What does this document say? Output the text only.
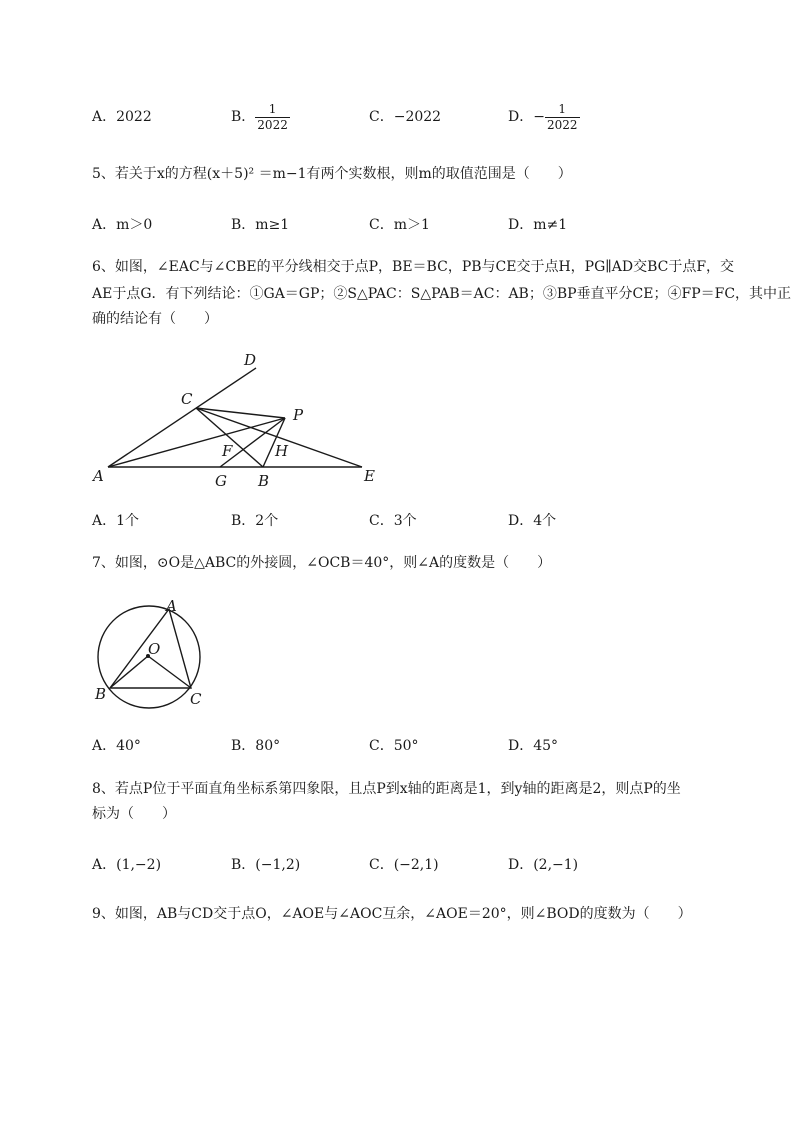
A．2022	B． $\frac{1}{2022}$	C．−2022	D．− $\frac{1}{2022}$
5、若关于x的方程(x＋5)² ＝m−1有两个实数根，则m的取值范围是（　　）
A．m＞0	B．m≥1	C．m＞1	D．m≠1
6、如图，∠EAC与∠CBE的平分线相交于点P，BE＝BC，PB与CE交于点H，PG∥AD交BC于点F，交
AE于点G．有下列结论：①GA＝GP；②S△PAC：S△PAB＝AC：AB；③BP垂直平分CE；④FP＝FC，其中正
确的结论有（　　）
D
C
P
F	H
A	G B	E
A．1个	B．2个	C．3个	D．4个
7、如图，⊙O是△ABC的外接圆，∠OCB＝40°，则∠A的度数是（　　）
A
O
B	C
A．40°	B．80°	C．50°	D．45°
8、若点P位于平面直角坐标系第四象限，且点P到x轴的距离是1，到y轴的距离是2，则点P的坐
标为（　　）
A．(1,−2)	B．(−1,2)	C．(−2,1)	D．(2,−1)
9、如图，AB与CD交于点O，∠AOE与∠AOC互余，∠AOE＝20°，则∠BOD的度数为（　　）
